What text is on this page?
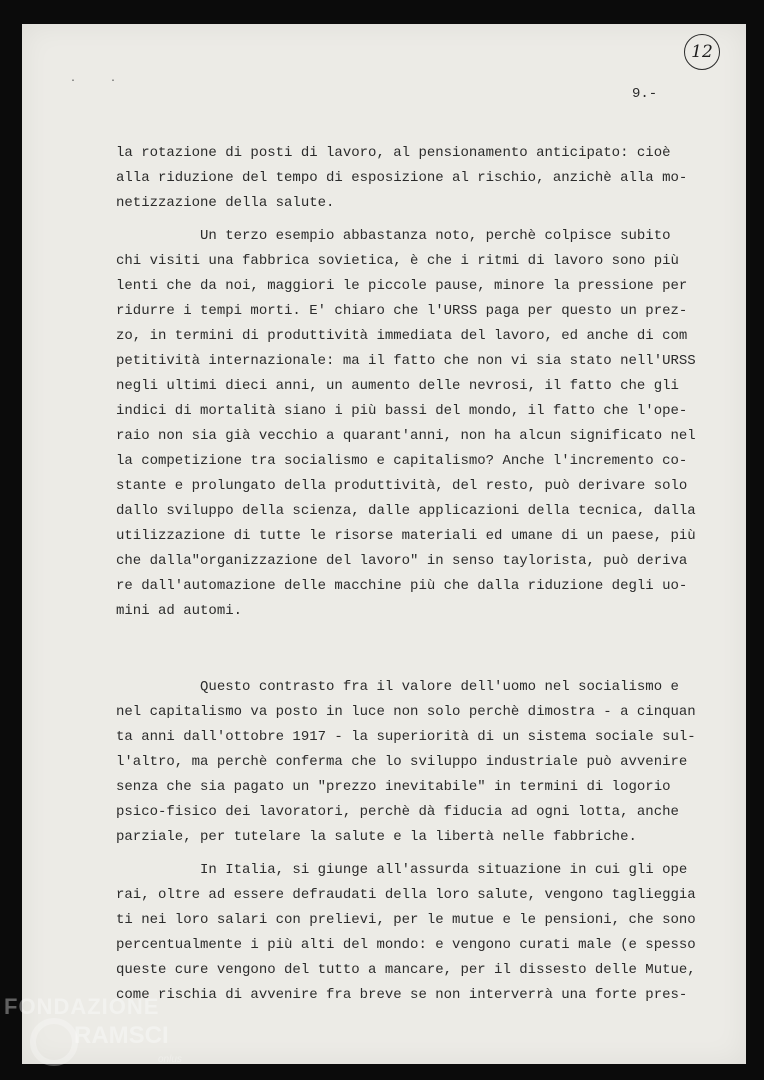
· ·
12
9.-
la rotazione di posti di lavoro, al pensionamento anticipato: cioè
alla riduzione del tempo di esposizione al rischio, anzichè alla mo-
netizzazione della salute.
Un terzo esempio abbastanza noto, perchè colpisce subito
chi visiti una fabbrica sovietica, è che i ritmi di lavoro sono più
lenti che da noi, maggiori le piccole pause, minore la pressione per
ridurre i tempi morti. E' chiaro che l'URSS paga per questo un prez-
zo, in termini di produttività immediata del lavoro, ed anche di com
petitività internazionale: ma il fatto che non vi sia stato nell'URSS
negli ultimi dieci anni, un aumento delle nevrosi, il fatto che gli
indici di mortalità siano i più bassi del mondo, il fatto che l'ope-
raio non sia già vecchio a quarant'anni, non ha alcun significato nel
la competizione tra socialismo e capitalismo? Anche l'incremento co-
stante e prolungato della produttività, del resto, può derivare solo
dallo sviluppo della scienza, dalle applicazioni della tecnica, dalla
utilizzazione di tutte le risorse materiali ed umane di un paese, più
che dalla"organizzazione del lavoro" in senso taylorista, può deriva
re dall'automazione delle macchine più che dalla riduzione degli uo-
mini ad automi.
Questo contrasto fra il valore dell'uomo nel socialismo e
nel capitalismo va posto in luce non solo perchè dimostra - a cinquan
ta anni dall'ottobre 1917 - la superiorità di un sistema sociale sul-
l'altro, ma perchè conferma che lo sviluppo industriale può avvenire
senza che sia pagato un "prezzo inevitabile" in termini di logorio
psico-fisico dei lavoratori, perchè dà fiducia ad ogni lotta, anche
parziale, per tutelare la salute e la libertà nelle fabbriche.
In Italia, si giunge all'assurda situazione in cui gli ope
rai, oltre ad essere defraudati della loro salute, vengono taglieggia
ti nei loro salari con prelievi, per le mutue e le pensioni, che sono
percentualmente i più alti del mondo: e vengono curati male (e spesso
queste cure vengono del tutto a mancare, per il dissesto delle Mutue,
come rischia di avvenire fra breve se non interverrà una forte pres-
FONDAZIONE
RAMSCI
onlus
